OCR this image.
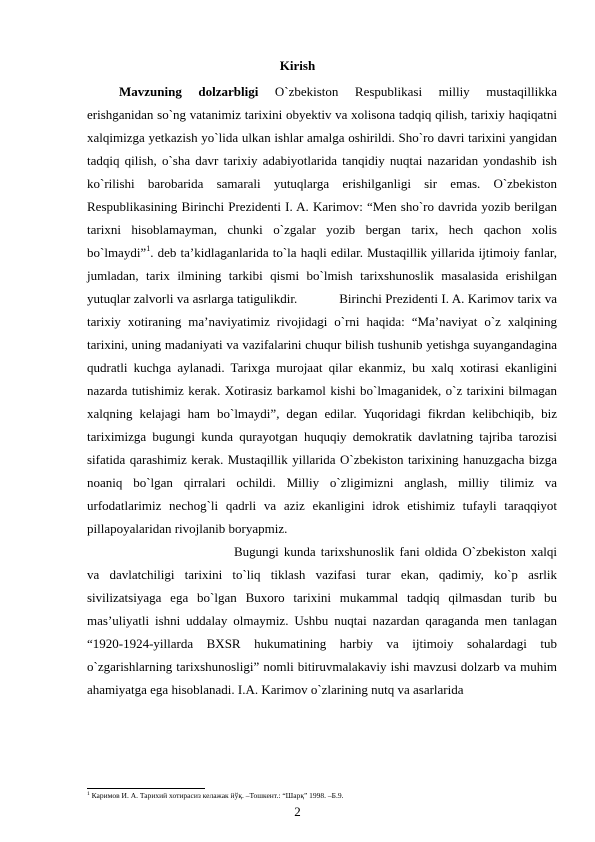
Kirish

Mavzuning dolzarbligi O`zbekiston Respublikasi milliy mustaqillikka erishganidan so`ng vatanimiz tarixini obyektiv va xolisona tadqiq qilish, tarixiy haqiqatni xalqimizga yetkazish yo`lida ulkan ishlar amalga oshirildi. Sho`ro davri tarixini yangidan tadqiq qilish, o`sha davr tarixiy adabiyotlarida tanqidiy nuqtai nazaridan yondashib ish ko`rilishi barobarida samarali yutuqlarga erishilganligi sir emas. O`zbekiston Respublikasining Birinchi Prezidenti I. A. Karimov: “Men sho`ro davrida yozib berilgan tarixni hisoblamayman, chunki o`zgalar yozib bergan tarix, hech qachon xolis bo`lmaydi”$^1$. deb ta’kidlaganlarida to`la haqli edilar. Mustaqillik yillarida ijtimoiy fanlar, jumladan, tarix ilmining tarkibi qismi bo`lmish tarixshunoslik masalasida erishilgan yutuqlar zalvorli va asrlarga tatigulikdir.	Birinchi Prezidenti I. A. Karimov tarix va tarixiy xotiraning ma’naviyatimiz rivojidagi o`rni haqida: “Ma’naviyat o`z xalqining tarixini, uning madaniyati va vazifalarini chuqur bilish tushunib yetishga suyangandagina qudratli kuchga aylanadi. Tarixga murojaat qilar ekanmiz, bu xalq xotirasi ekanligini nazarda tutishimiz kerak. Xotirasiz barkamol kishi bo`lmaganidek, o`z tarixini bilmagan xalqning kelajagi ham bo`lmaydi”, degan edilar. Yuqoridagi fikrdan kelibchiqib, biz tariximizga bugungi kunda qurayotgan huquqiy demokratik davlatning tajriba tarozisi sifatida qarashimiz kerak. Mustaqillik yillarida O`zbekiston tarixining hanuzgacha bizga noaniq bo`lgan qirralari ochildi. Milliy o`zligimizni anglash, milliy tilimiz va urfodatlarimiz nechog`li qadrli va aziz ekanligini idrok etishimiz tufayli taraqqiyot pillapoyalaridan rivojlanib boryapmiz.

Bugungi kunda tarixshunoslik fani oldida O`zbekiston xalqi va davlatchiligi tarixini to`liq tiklash vazifasi turar ekan, qadimiy, ko`p asrlik sivilizatsiyaga ega bo`lgan Buxoro tarixini mukammal tadqiq qilmasdan turib bu mas’uliyatli ishni uddalay olmaymiz. Ushbu nuqtai nazardan qaraganda men tanlagan “1920-1924-yillarda BXSR hukumatining harbiy va ijtimoiy sohalardagi tub o`zgarishlarning tarixshunosligi” nomli bitiruvmalakaviy ishi mavzusi dolzarb va muhim ahamiyatga ega hisoblanadi. I.A. Karimov o`zlarining nutq va asarlarida

$^1$ Каримов И. А. Тарихий хотирасиз келажак йўқ. –Тошкент.: “Шарқ” 1998. –Б.9.
2
